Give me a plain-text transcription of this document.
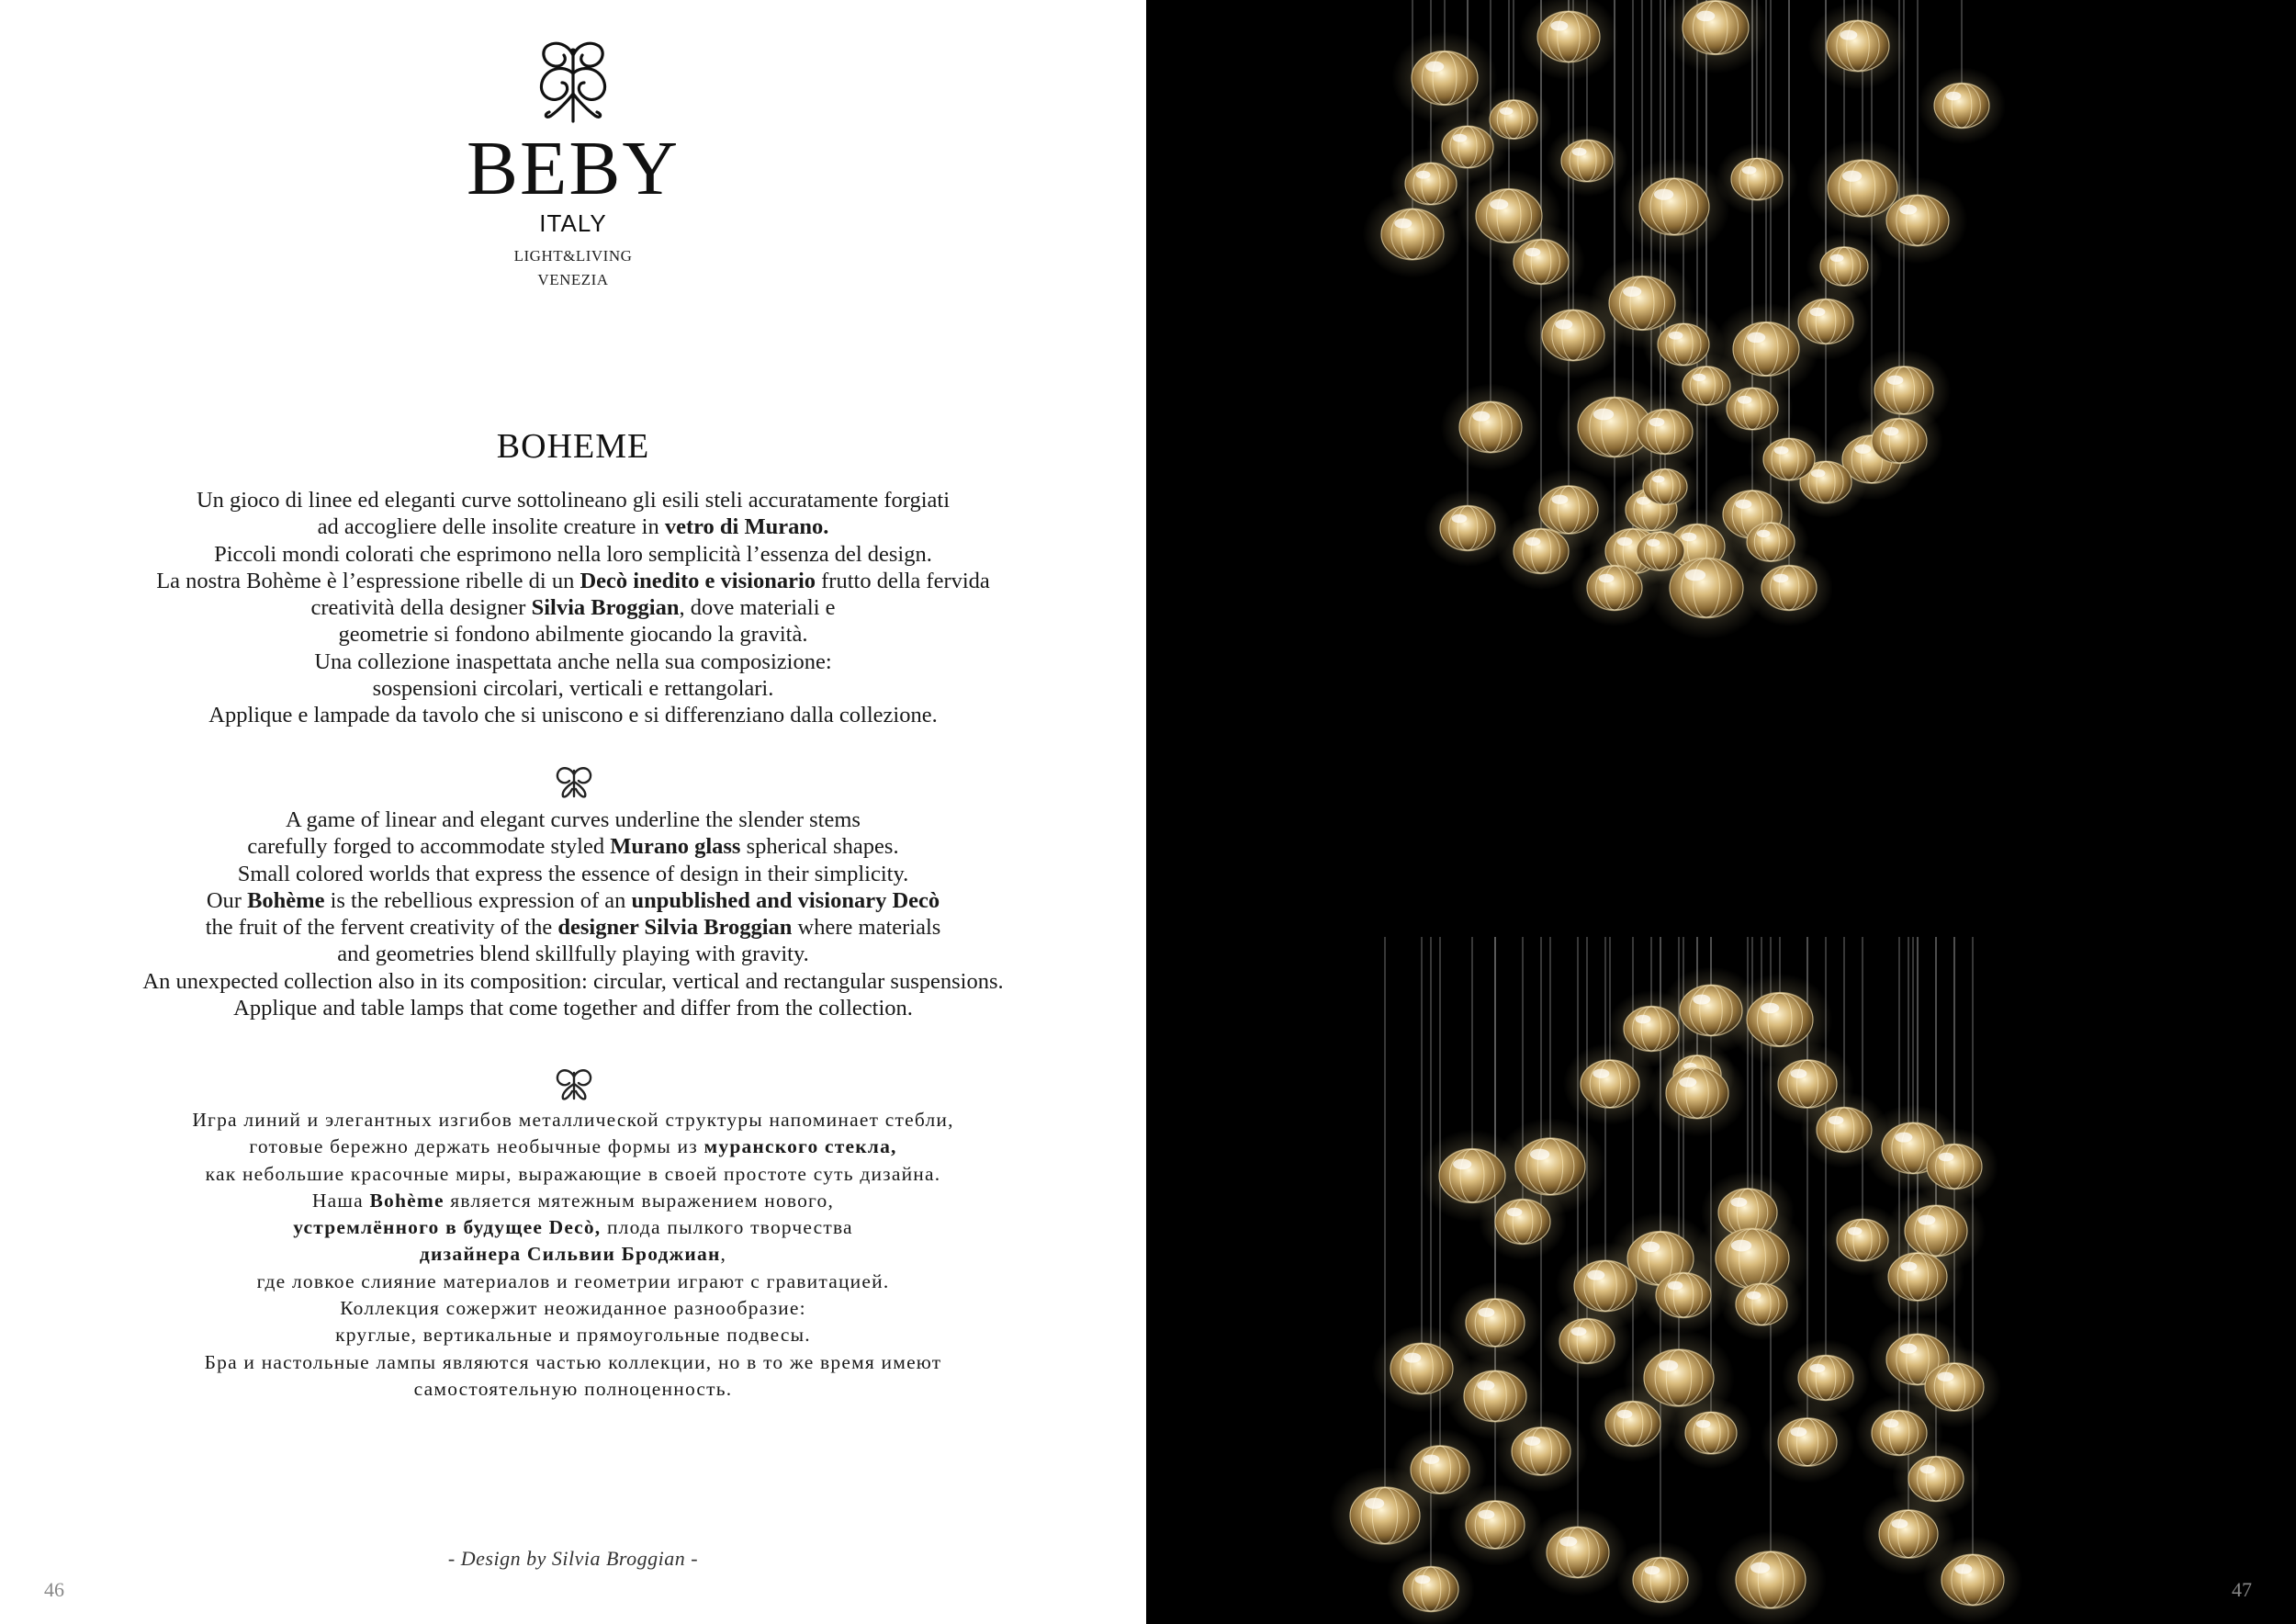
BEBY
ITALY
LIGHT&LIVING
VENEZIA
BOHEME
Un gioco di linee ed eleganti curve sottolineano gli esili steli accuratamente forgiati
ad accogliere delle insolite creature in vetro di Murano.
Piccoli mondi colorati che esprimono nella loro semplicità l’essenza del design.
La nostra Bohème è l’espressione ribelle di un Decò inedito e visionario frutto della fervida
creatività della designer Silvia Broggian, dove materiali e
geometrie si fondono abilmente giocando la gravità.
Una collezione inaspettata anche nella sua composizione:
sospensioni circolari, verticali e rettangolari.
Applique e lampade da tavolo che si uniscono e si differenziano dalla collezione.
A game of linear and elegant curves underline the slender stems
carefully forged to accommodate styled Murano glass spherical shapes.
Small colored worlds that express the essence of design in their simplicity.
Our Bohème is the rebellious expression of an unpublished and visionary Decò
the fruit of the fervent creativity of the designer Silvia Broggian where materials
and geometries blend skillfully playing with gravity.
An unexpected collection also in its composition: circular, vertical and rectangular suspensions.
Applique and table lamps that come together and differ from the collection.
Игра линий и элегантных изгибов металлической структуры напоминает стебли,
готовые бережно держать необычные формы из муранского стекла,
как небольшие красочные миры, выражающие в своей простоте суть дизайна.
Наша Bohème является мятежным выражением нового,
устремлённого в будущее Decò, плода пылкого творчества
дизайнера Сильвии Броджиан,
где ловкое слияние материалов и геометрии играют с гравитацией.
Коллекция сожержит неожиданное разнообразие:
круглые, вертикальные и прямоугольные подвесы.
Бра и настольные лампы являются частью коллекции, но в то же время имеют
самостоятельную полноценность.
- Design by Silvia Broggian -
46	47
